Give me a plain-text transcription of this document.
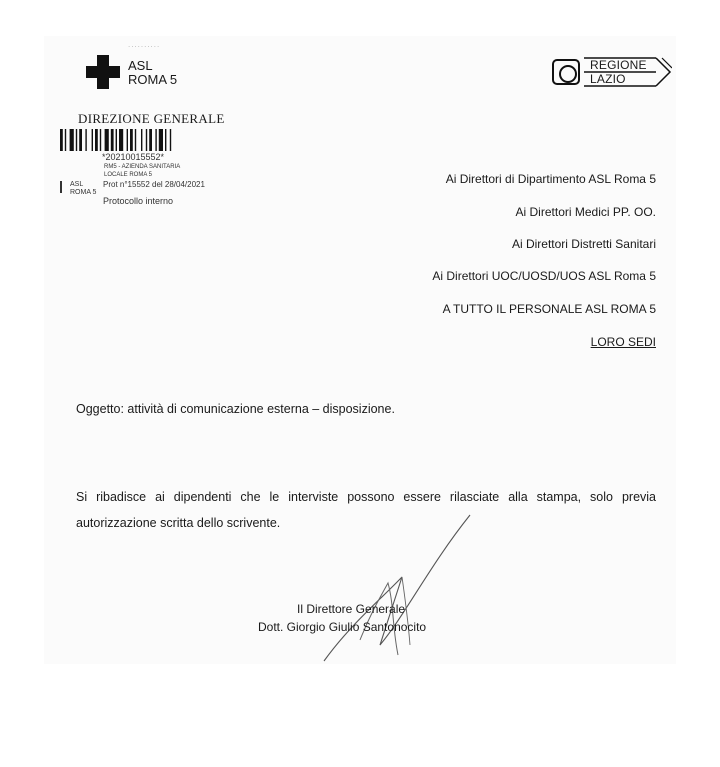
..........
ASL
ROMA 5
REGIONE
LAZIO
DIREZIONE GENERALE
*20210015552*
RM5 - AZIENDA SANITARIA
LOCALE ROMA 5
Prot n°15552 del 28/04/2021
Protocollo interno
ASL
ROMA 5
Ai Direttori di Dipartimento ASL Roma 5
Ai Direttori Medici PP. OO.
Ai Direttori Distretti Sanitari
Ai Direttori UOC/UOSD/UOS ASL Roma 5
A TUTTO IL PERSONALE ASL ROMA 5
LORO SEDI
Oggetto: attività di comunicazione esterna – disposizione.
Si ribadisce ai dipendenti che le interviste possono essere rilasciate alla stampa, solo previa autorizzazione scritta dello scrivente.
Il Direttore Generale
Dott. Giorgio Giulio Santonocito
